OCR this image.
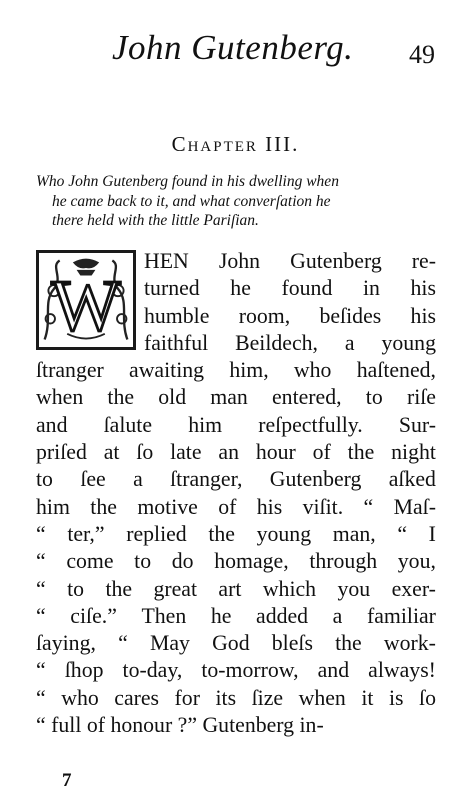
John Gutenberg. 49
Chapter III.
Who John Gutenberg found in his dwelling when
he came back to it, and what converſation he
there held with the little Pariſian.
W
HEN John Gutenberg re-
turned he found in his
humble room, beſides his
faithful Beildech, a young
ſtranger awaiting him, who haſtened,
when the old man entered, to riſe
and ſalute him reſpectfully. Sur-
priſed at ſo late an hour of the night
to ſee a ſtranger, Gutenberg aſked
him the motive of his viſit. “ Maſ-
“ ter,” replied the young man, “ I
“ come to do homage, through you,
“ to the great art which you exer-
“ ciſe.” Then he added a familiar
ſaying, “ May God bleſs the work-
“ ſhop to-day, to-morrow, and always!
“ who cares for its ſize when it is ſo
“ full of honour ?” Gutenberg in-
7
